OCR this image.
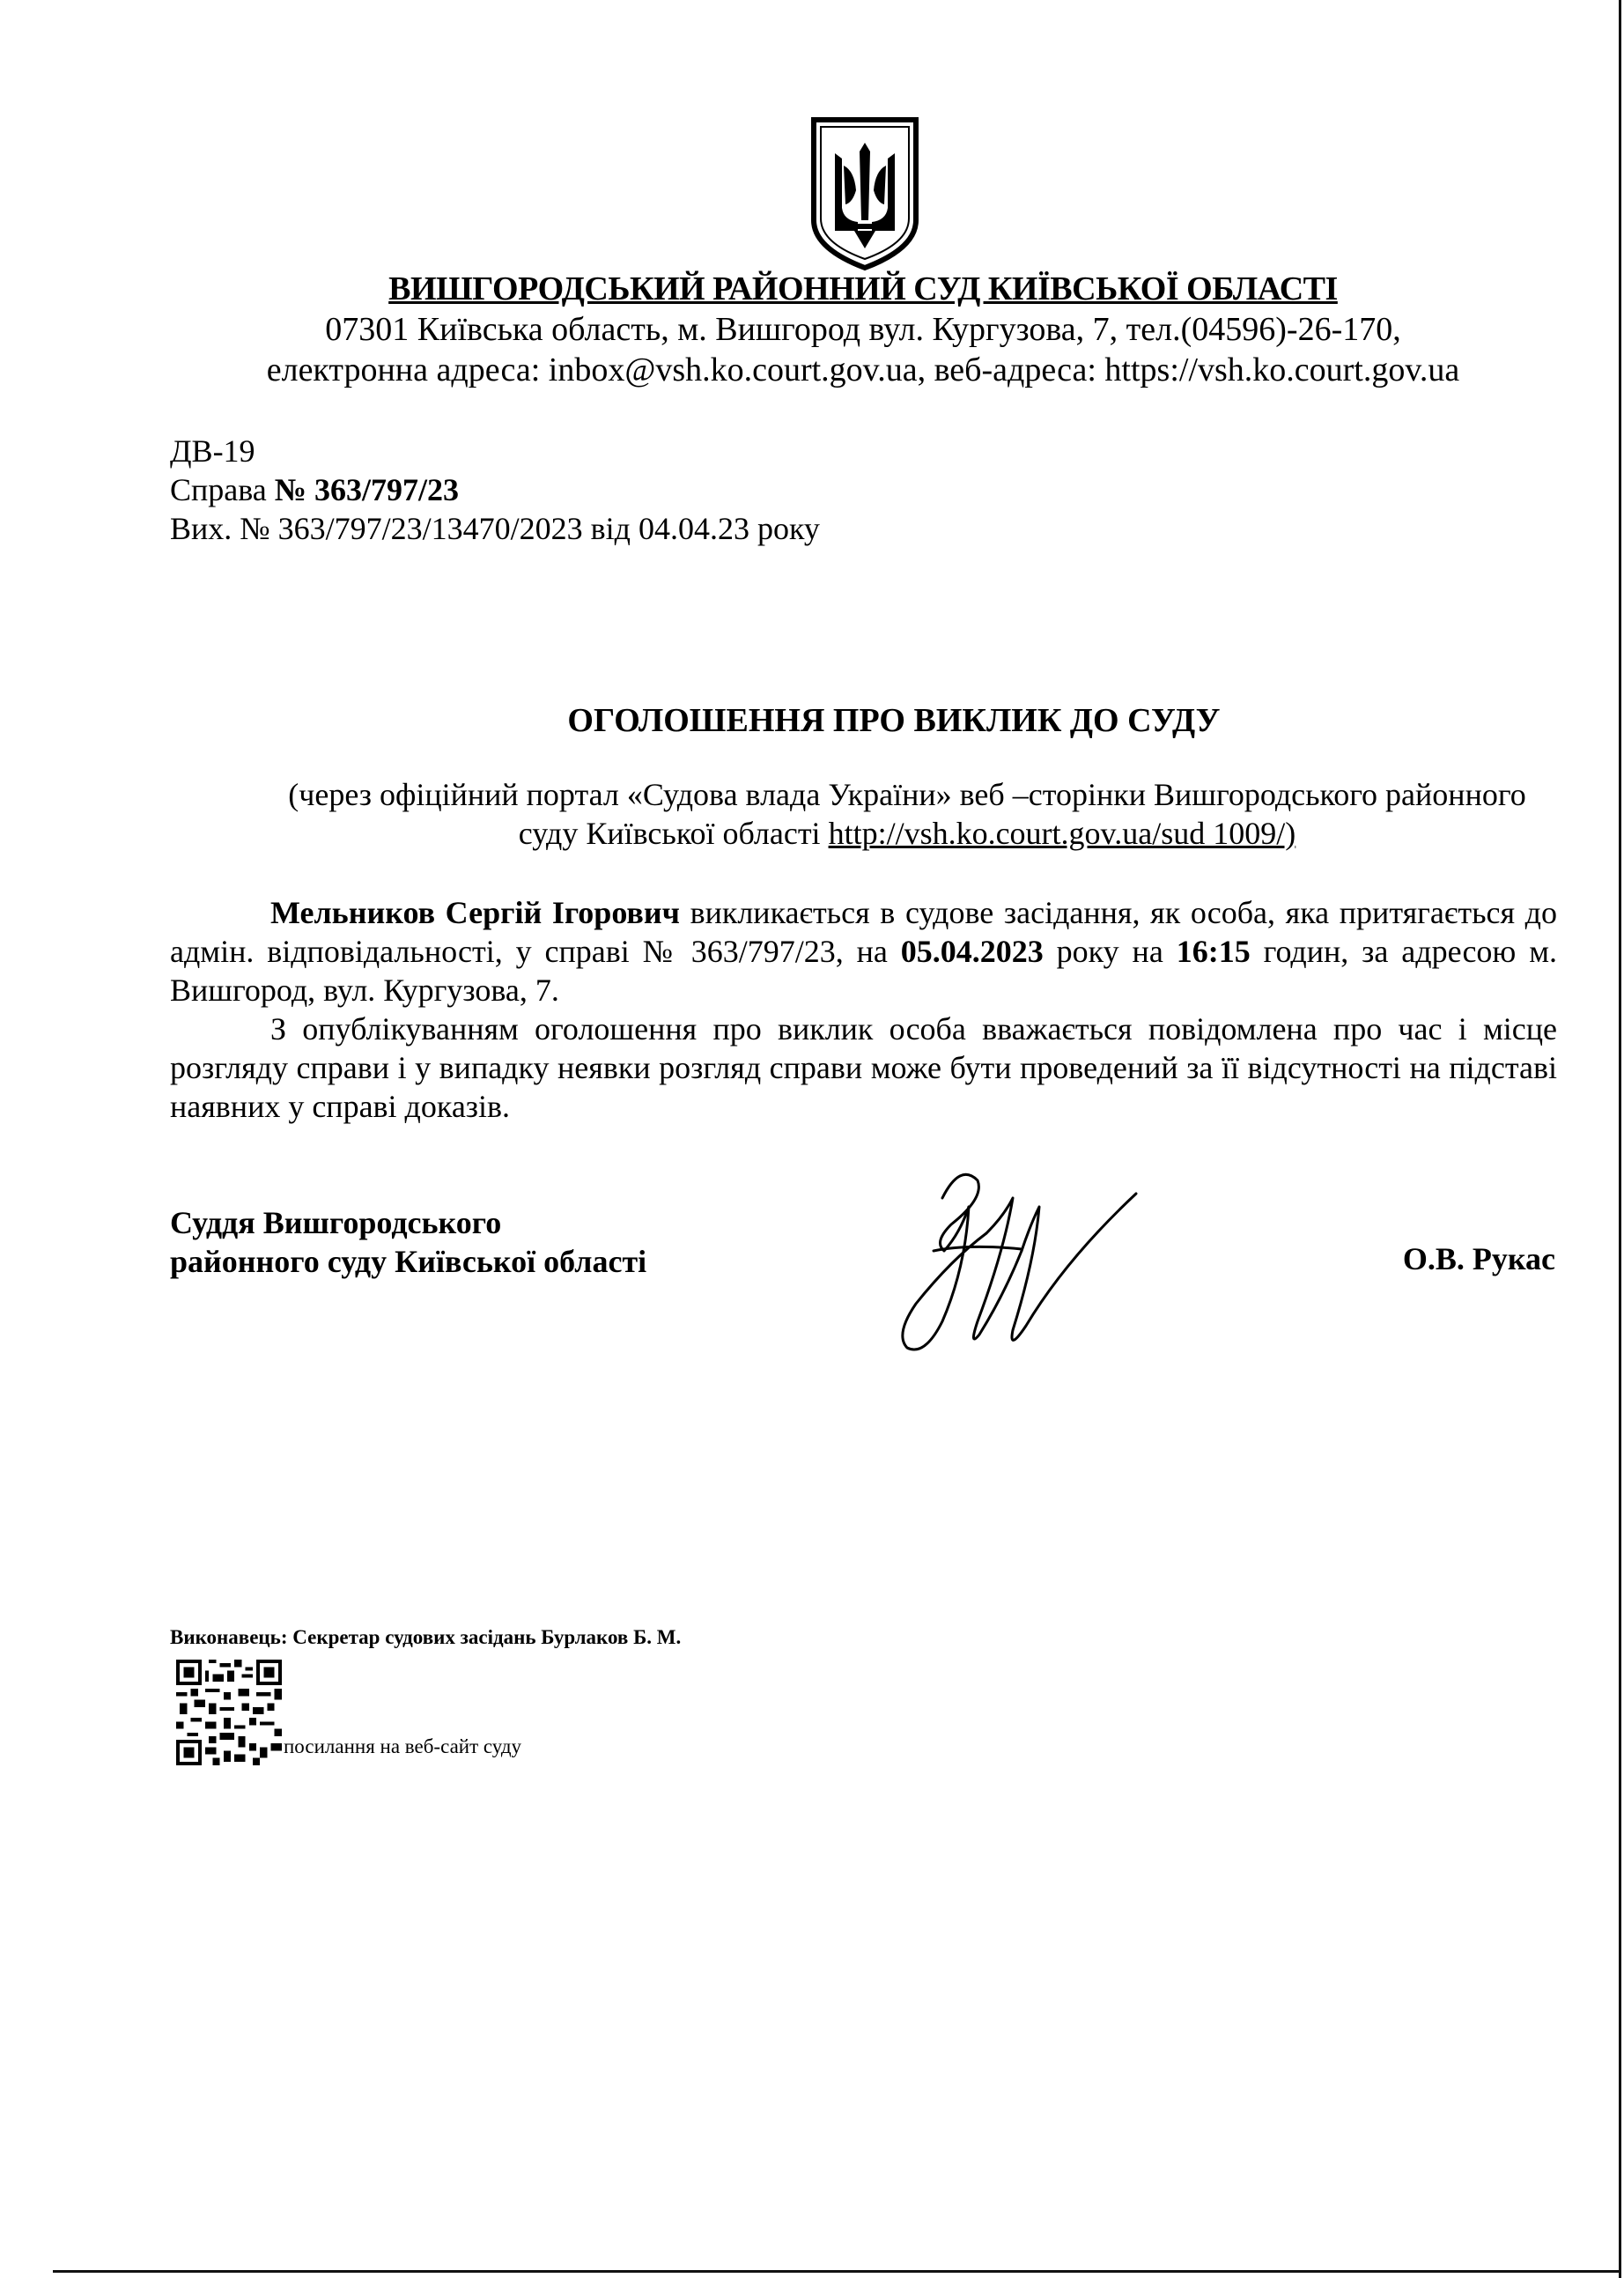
ВИШГОРОДСЬКИЙ РАЙОННИЙ СУД КИЇВСЬКОЇ ОБЛАСТІ
07301 Київська область, м. Вишгород вул. Кургузова, 7, тел.(04596)-26-170,
електронна адреса: inbox@vsh.ko.court.gov.ua, веб-адреса: https://vsh.ko.court.gov.ua
ДВ-19
Справа № 363/797/23
Вих. № 363/797/23/13470/2023 від 04.04.23 року
ОГОЛОШЕННЯ ПРО ВИКЛИК ДО СУДУ
(через офіційний портал «Судова влада України» веб –сторінки Вишгородського районного суду Київської області http://vsh.ko.court.gov.ua/sud 1009/)

Мельников Сергій Ігорович викликається в судове засідання, як особа, яка притягається до адмін. відповідальності, у справі № 363/797/23, на 05.04.2023 року на 16:15 годин, за адресою м. Вишгород, вул. Кургузова, 7.

З опублікуванням оголошення про виклик особа вважається повідомлена про час і місце розгляду справи і у випадку неявки розгляд справи може бути проведений за її відсутності на підставі наявних у справі доказів.

Суддя Вишгородського
районного суду Київської області	О.В. Рукас
Виконавець: Секретар судових засідань Бурлаков Б. М.
посилання на веб-сайт суду
